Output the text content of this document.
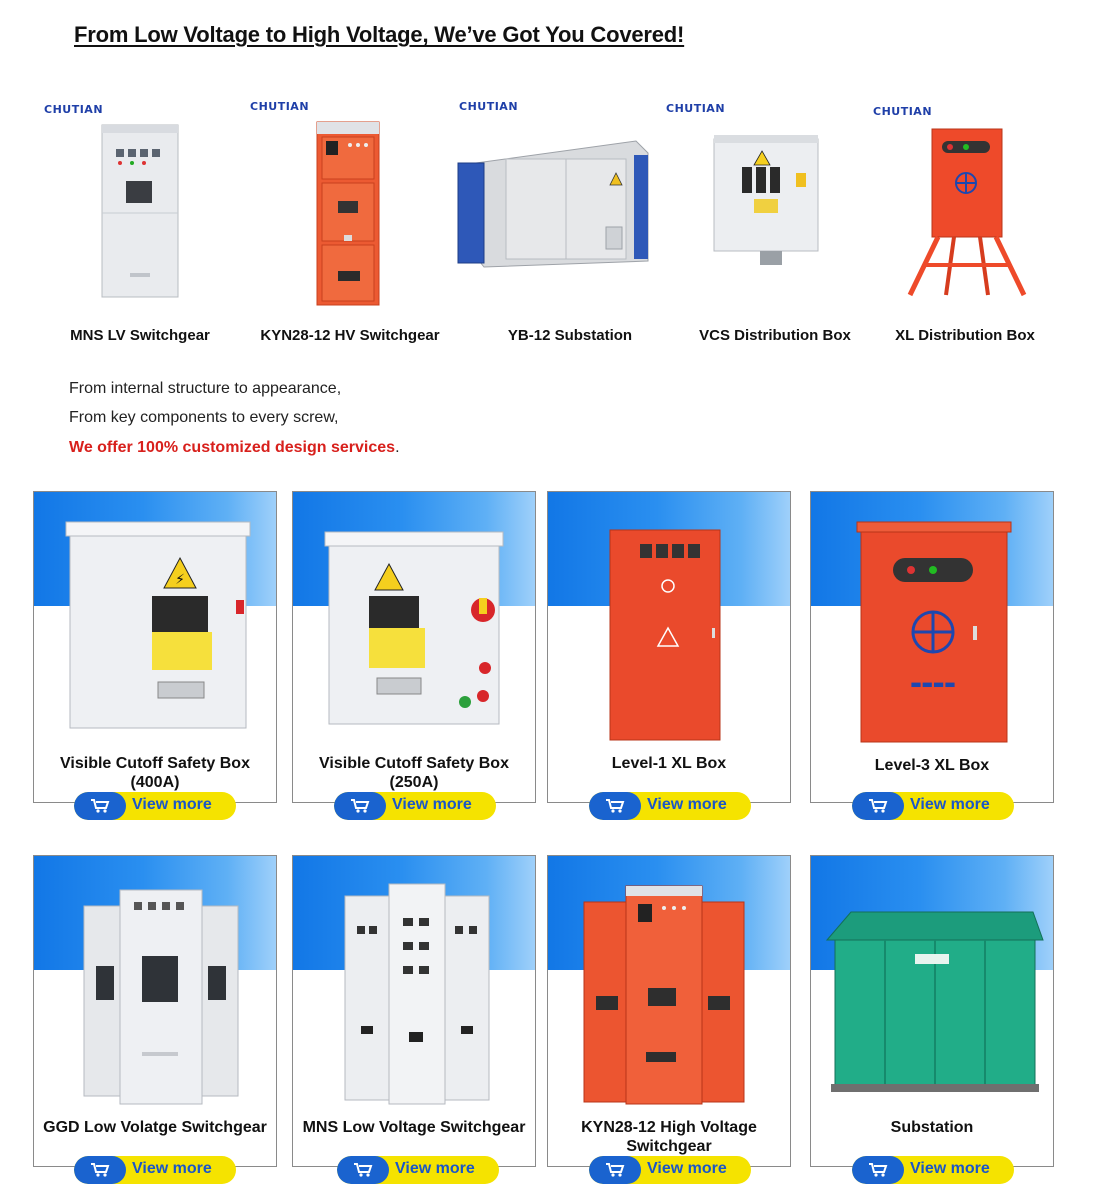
From Low Voltage to High Voltage, We’ve Got You Covered!
CHUTIAN
MNS LV Switchgear
CHUTIAN
KYN28-12 HV Switchgear
CHUTIAN
YB-12 Substation
CHUTIAN
VCS Distribution Box
CHUTIAN
XL Distribution Box
From internal structure to appearance,
From key components to every screw,
We offer 100% customized design services.
⚡
Visible Cutoff Safety Box (400A)
View more
Visible Cutoff Safety Box (250A)
View more
Level-1 XL Box
View more
▬▬▬▬
Level-3 XL Box
View more
GGD Low Volatge Switchgear
View more
MNS Low Voltage Switchgear
View more
KYN28-12 High Voltage Switchgear
View more
Substation
View more
